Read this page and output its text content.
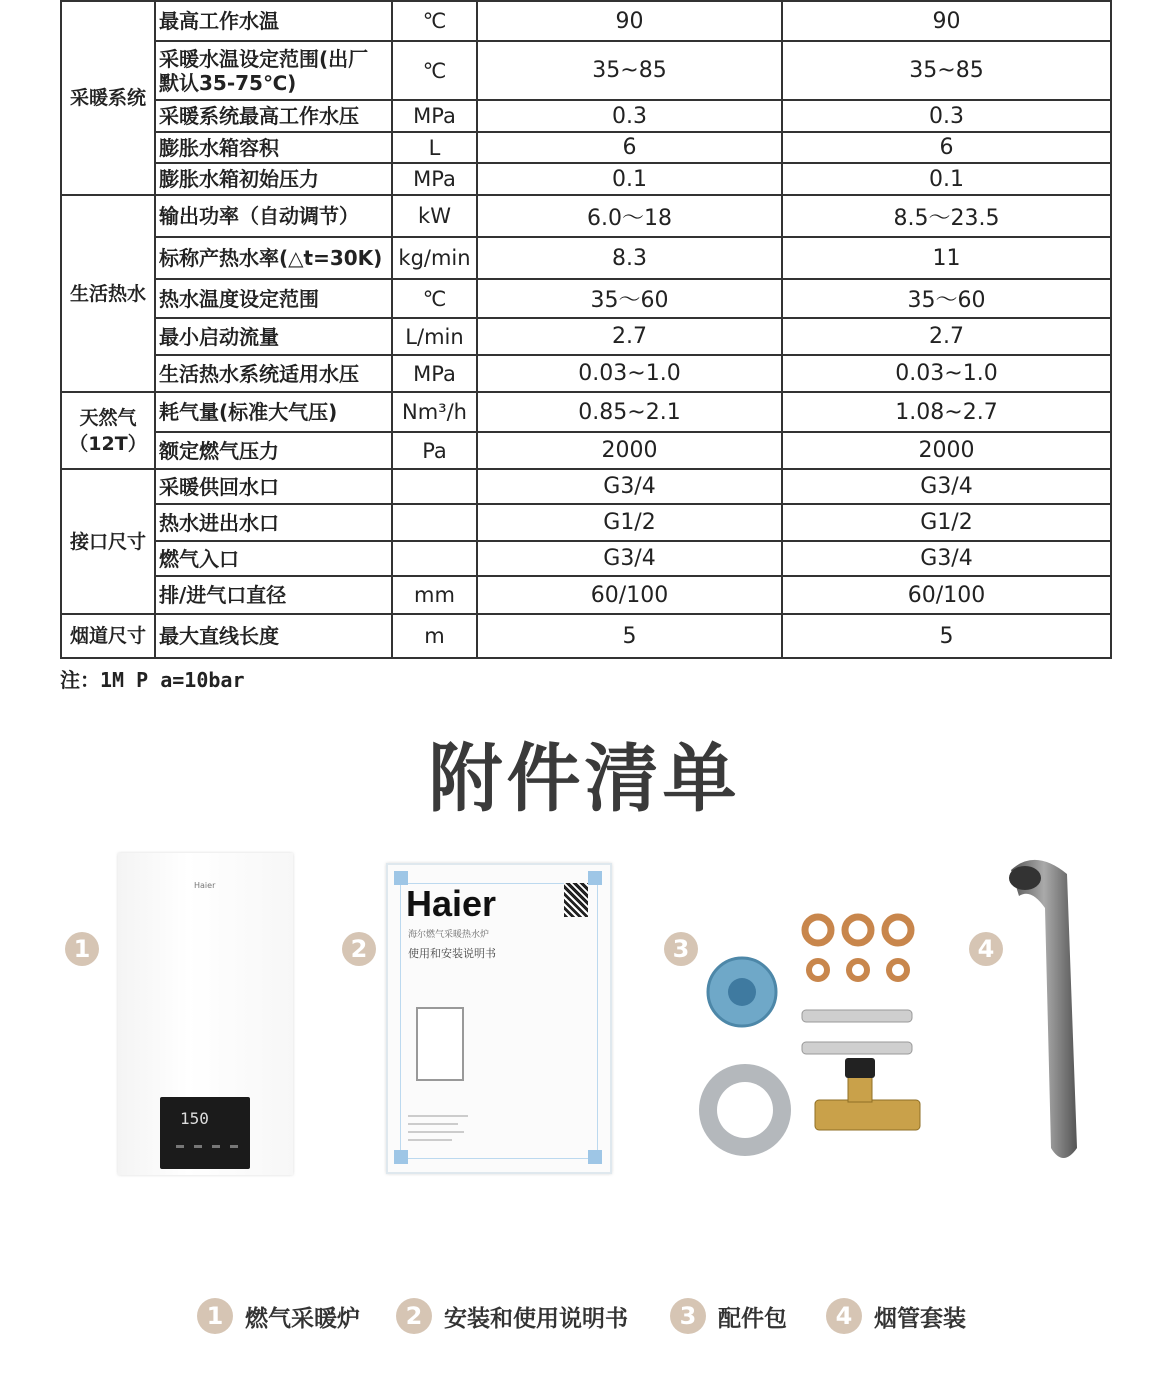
采暖系统	最高工作水温	℃	90	90
	采暖水温设定范围(出厂默认35-75℃)	℃	35~85	35~85
	采暖系统最高工作水压	MPa	0.3	0.3
	膨胀水箱容积	L	6	6
	膨胀水箱初始压力	MPa	0.1	0.1
生活热水	输出功率（自动调节）	kW	6.0～18	8.5～23.5
	标称产热水率(△t=30K)	kg/min	8.3	11
	热水温度设定范围	℃	35～60	35～60
	最小启动流量	L/min	2.7	2.7
	生活热水系统适用水压	MPa	0.03~1.0	0.03~1.0
天然气（12T）	耗气量(标准大气压)	Nm³/h	0.85~2.1	1.08~2.7
	额定燃气压力	Pa	2000	2000
接口尺寸	采暖供回水口		G3/4	G3/4
	热水进出水口		G1/2	G1/2
	燃气入口		G3/4	G3/4
	排/进气口直径	mm	60/100	60/100
烟道尺寸	最大直线长度	m	5	5
注：1M P a=10bar
附件清单
1	2	3	4
Haier
150
Haier
海尔燃气采暖热水炉
使用和安装说明书
1 燃气采暖炉	2 安装和使用说明书	3 配件包	4 烟管套装
